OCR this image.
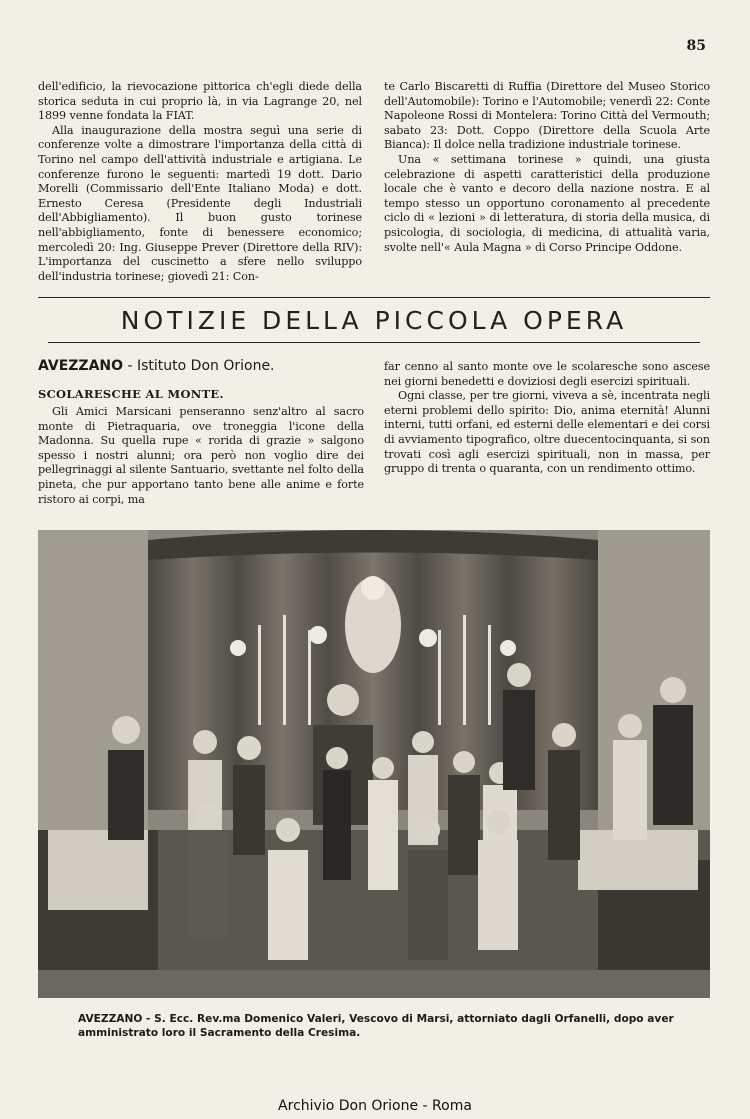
85

dell'edificio, la rievocazione pittorica ch'egli diede della storica seduta in cui proprio là, in via Lagrange 20, nel 1899 venne fondata la FIAT.

Alla inaugurazione della mostra seguì una serie di conferenze volte a dimostrare l'importanza della città di Torino nel campo dell'attività industriale e artigiana. Le conferenze furono le seguenti: martedì 19 dott. Dario Morelli (Commissario dell'Ente Italiano Moda) e dott. Ernesto Ceresa (Presidente degli Industriali dell'Abbigliamento). Il buon gusto torinese nell'abbigliamento, fonte di benessere economico; mercoledì 20: Ing. Giuseppe Prever (Direttore della RIV): L'importanza del cuscinetto a sfere nello sviluppo dell'industria torinese; giovedì 21: Con-

te Carlo Biscaretti di Ruffia (Direttore del Museo Storico dell'Automobile): Torino e l'Automobile; venerdì 22: Conte Napoleone Rossi di Montelera: Torino Città del Vermouth; sabato 23: Dott. Coppo (Direttore della Scuola Arte Bianca): Il dolce nella tradizione industriale torinese.

Una « settimana torinese » quindi, una giusta celebrazione di aspetti caratteristici della produzione locale che è vanto e decoro della nazione nostra. E al tempo stesso un opportuno coronamento al precedente ciclo di « lezioni » di letteratura, di storia della musica, di psicologia, di sociologia, di medicina, di attualità varia, svolte nell'« Aula Magna » di Corso Principe Oddone.

NOTIZIE DELLA PICCOLA OPERA
AVEZZANO - Istituto Don Orione.
SCOLARESCHE AL MONTE.

Gli Amici Marsicani penseranno senz'altro al sacro monte di Pietraquaria, ove troneggia l'icone della Madonna. Su quella rupe « rorida di grazie » salgono spesso i nostri alunni; ora però non voglio dire dei pellegrinaggi al silente Santuario, svettante nel folto della pineta, che pur apportano tanto bene alle anime e forte ristoro ai corpi, ma

far cenno al santo monte ove le scolaresche sono ascese nei giorni benedetti e doviziosi degli esercizi spirituali.

Ogni classe, per tre giorni, viveva a sè, incentrata negli eterni problemi dello spirito: Dio, anima eternità! Alunni interni, tutti orfani, ed esterni delle elementari e dei corsi di avviamento tipografico, oltre duecentocinquanta, si son trovati così agli esercizi spirituali, non in massa, per gruppo di trenta o quaranta, con un rendimento ottimo.

AVEZZANO - S. Ecc. Rev.ma Domenico Valeri, Vescovo di Marsi, attorniato dagli Orfanelli, dopo aver amministrato loro il Sacramento della Cresima.
Archivio Don Orione - Roma
